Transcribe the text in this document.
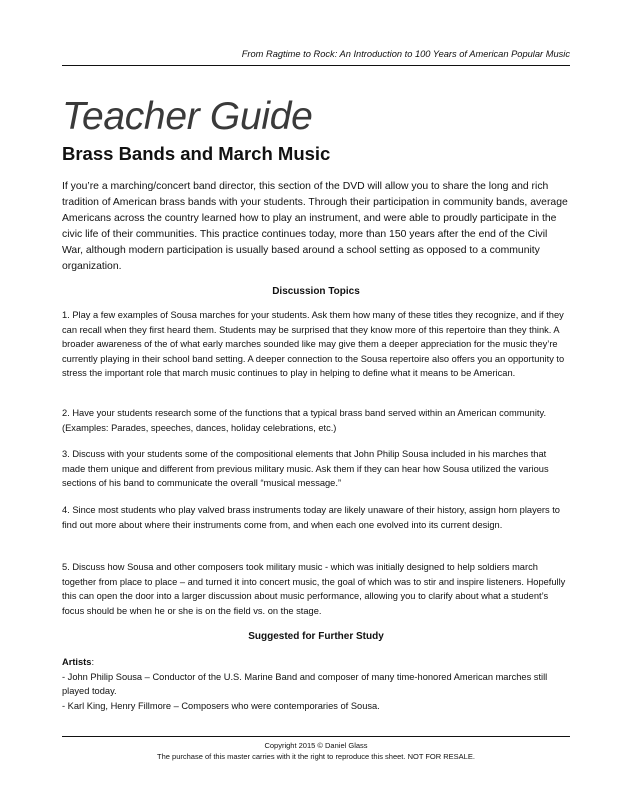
From Ragtime to Rock: An Introduction to 100 Years of American Popular Music
Teacher Guide
Brass Bands and March Music

If you’re a marching/concert band director, this section of the DVD will allow you to share the long and rich tradition of American brass bands with your students. Through their participation in community bands, average Americans across the country learned how to play an instrument, and were able to proudly participate in the civic life of their communities. This practice continues today, more than 150 years after the end of the Civil War, although modern participation is usually based around a school setting as opposed to a community organization.

Discussion Topics

1. Play a few examples of Sousa marches for your students. Ask them how many of these titles they recognize, and if they can recall when they first heard them. Students may be surprised that they know more of this repertoire than they think. A broader awareness of the of what early marches sounded like may give them a deeper appreciation for the music they’re currently playing in their school band setting. A deeper connection to the Sousa repertoire also offers you an opportunity to stress the important role that march music continues to play in helping to define what it means to be American.

2. Have your students research some of the functions that a typical brass band served within an American community. (Examples: Parades, speeches, dances, holiday celebrations, etc.)

3. Discuss with your students some of the compositional elements that John Philip Sousa included in his marches that made them unique and different from previous military music. Ask them if they can hear how Sousa utilized the various sections of his band to communicate the overall “musical message.”

4. Since most students who play valved brass instruments today are likely unaware of their history, assign horn players to find out more about where their instruments come from, and when each one evolved into its current design.

5. Discuss how Sousa and other composers took military music - which was initially designed to help soldiers march together from place to place – and turned it into concert music, the goal of which was to stir and inspire listeners. Hopefully this can open the door into a larger discussion about music performance, allowing you to clarify about what a student’s focus should be when he or she is on the field vs. on the stage.

Suggested for Further Study

Artists:
- John Philip Sousa – Conductor of the U.S. Marine Band and composer of many time-honored American marches still played today.
- Karl King, Henry Fillmore – Composers who were contemporaries of Sousa.
Copyright 2015 © Daniel Glass
The purchase of this master carries with it the right to reproduce this sheet. NOT FOR RESALE.
